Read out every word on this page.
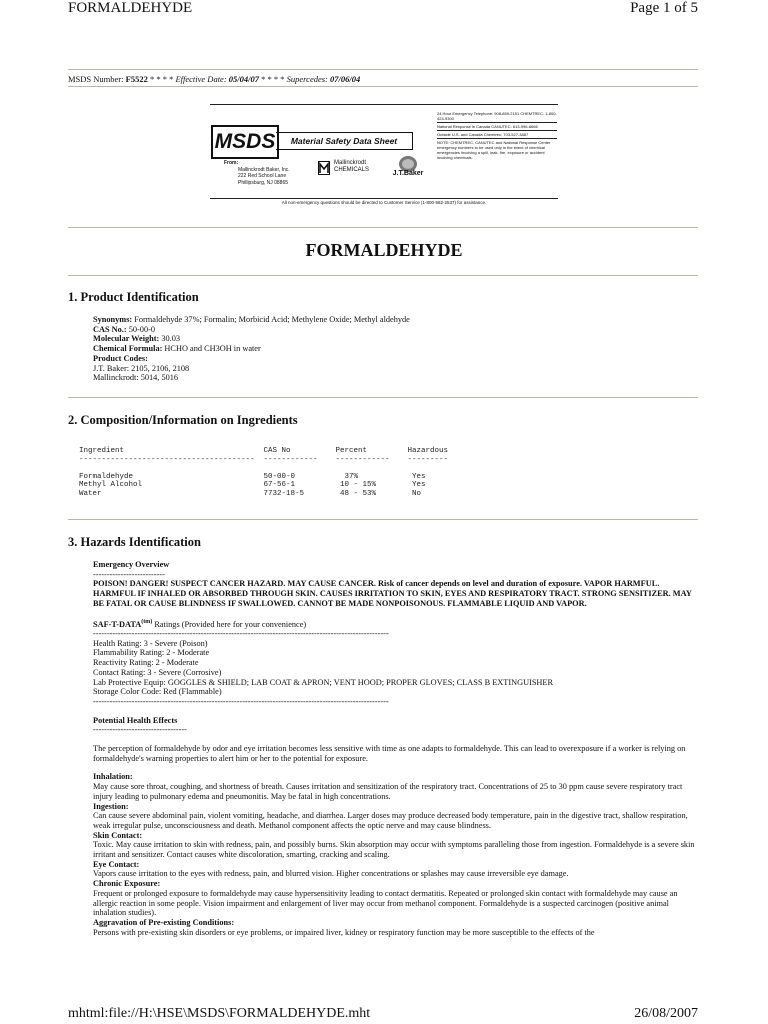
FORMALDEHYDE	Page 1 of 5
MSDS Number: F5522 * * * * Effective Date: 05/04/07 * * * * Supercedes: 07/06/04
MSDS	Material Safety Data Sheet
From:
Mallinckrodt Baker, Inc.
222 Red School Lane
Phillipsburg, NJ 08865
Mallinckrodt
CHEMICALS	J.T.Baker
24 Hour Emergency Telephone: 908-859-2151 CHEMTREC: 1-800-424-9300
National Response in Canada CANUTEC: 613-996-6666
Outside U.S. and Canada Chemtrec: 703-527-3887
NOTE: CHEMTREC, CANUTEC and National Response Center emergency numbers to be used only in the event of chemical emergencies involving a spill, leak, fire, exposure or accident involving chemicals.
All non-emergency questions should be directed to Customer Service (1-800-582-2537) for assistance.
FORMALDEHYDE
1. Product Identification
Synonyms: Formaldehyde 37%; Formalin; Morbicid Acid; Methylene Oxide; Methyl aldehyde
CAS No.: 50-00-0
Molecular Weight: 30.03
Chemical Formula: HCHO and CH3OH in water
Product Codes:
J.T. Baker: 2105, 2106, 2108
Mallinckrodt: 5014, 5016
2. Composition/Information on Ingredients
Ingredient                               CAS No          Percent         Hazardous
---------------------------------------  ------------    ------------    ---------

Formaldehyde                             50-00-0           37%            Yes
Methyl Alcohol                           67-56-1          10 - 15%        Yes
Water                                    7732-18-5        48 - 53%        No
3. Hazards Identification
Emergency Overview
--------------------------
POISON! DANGER! SUSPECT CANCER HAZARD. MAY CAUSE CANCER. Risk of cancer depends on level and duration of exposure. VAPOR HARMFUL. HARMFUL IF INHALED OR ABSORBED THROUGH SKIN. CAUSES IRRITATION TO SKIN, EYES AND RESPIRATORY TRACT. STRONG SENSITIZER. MAY BE FATAL OR CAUSE BLINDNESS IF SWALLOWED. CANNOT BE MADE NONPOISONOUS. FLAMMABLE LIQUID AND VAPOR.
SAF-$T-DATA^{(tm)}$ Ratings (Provided here for your convenience)
-----------------------------------------------------------------------------------------------------------
Health Rating: 3 - Severe (Poison)
Flammability Rating: 2 - Moderate
Reactivity Rating: 2 - Moderate
Contact Rating: 3 - Severe (Corrosive)
Lab Protective Equip: GOGGLES & SHIELD; LAB COAT & APRON; VENT HOOD; PROPER GLOVES; CLASS B EXTINGUISHER
Storage Color Code: Red (Flammable)
-----------------------------------------------------------------------------------------------------------
Potential Health Effects
----------------------------------
The perception of formaldehyde by odor and eye irritation becomes less sensitive with time as one adapts to formaldehyde. This can lead to overexposure if a worker is relying on formaldehyde's warning properties to alert him or her to the potential for exposure.
Inhalation:
May cause sore throat, coughing, and shortness of breath. Causes irritation and sensitization of the respiratory tract. Concentrations of 25 to 30 ppm cause severe respiratory tract injury leading to pulmonary edema and pneumonitis. May be fatal in high concentrations.
Ingestion:
Can cause severe abdominal pain, violent vomiting, headache, and diarrhea. Larger doses may produce decreased body temperature, pain in the digestive tract, shallow respiration, weak irregular pulse, unconsciousness and death. Methanol component affects the optic nerve and may cause blindness.
Skin Contact:
Toxic. May cause irritation to skin with redness, pain, and possibly burns. Skin absorption may occur with symptoms paralleling those from ingestion. Formaldehyde is a severe skin irritant and sensitizer. Contact causes white discoloration, smarting, cracking and scaling.
Eye Contact:
Vapors cause irritation to the eyes with redness, pain, and blurred vision. Higher concentrations or splashes may cause irreversible eye damage.
Chronic Exposure:
Frequent or prolonged exposure to formaldehyde may cause hypersensitivity leading to contact dermatitis. Repeated or prolonged skin contact with formaldehyde may cause an allergic reaction in some people. Vision impairment and enlargement of liver may occur from methanol component. Formaldehyde is a suspected carcinogen (positive animal inhalation studies).
Aggravation of Pre-existing Conditions:
Persons with pre-existing skin disorders or eye problems, or impaired liver, kidney or respiratory function may be more susceptible to the effects of the
mhtml:file://H:\HSE\MSDS\FORMALDEHYDE.mht	26/08/2007
